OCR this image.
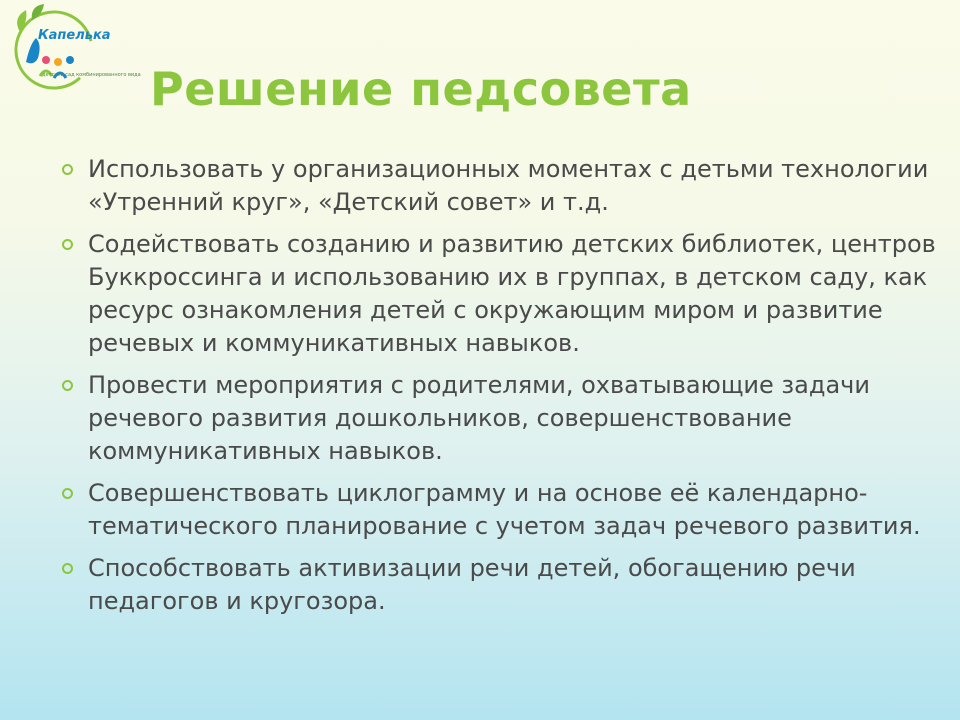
Капелька
детский сад комбинированного вида Решение педсовета
Использовать у организационных моментах с детьми технологии «Утренний круг», «Детский совет» и т.д.
Содействовать созданию и развитию детских библиотек, центров Буккроссинга и использованию их в группах, в детском саду, как ресурс ознакомления детей с окружающим миром и развитие речевых и коммуникативных навыков.
Провести мероприятия с родителями, охватывающие задачи речевого развития дошкольников, совершенствование коммуникативных навыков.
Совершенствовать циклограмму и на основе её календарно-тематического планирование с учетом задач речевого развития.
Способствовать активизации речи детей, обогащению речи педагогов и кругозора.
